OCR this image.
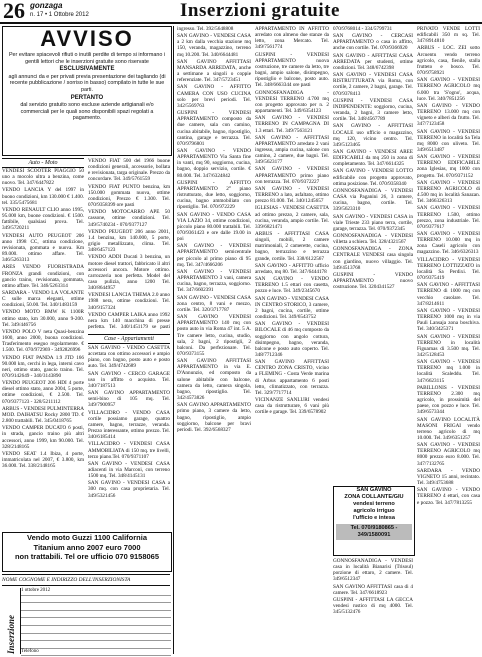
26 gonzaga
n. 17 • 1 Ottobre 2012	Inserzioni gratuite
AVVISO

Per evitare spiacevoli rifiuti o inutili perdite di tempo si informano i gentili lettori che le inserzioni gratuite sono riservate

ESCLUSIVAMENTE

agli annunci da e per privati previa presentazione dei tagliando (di recente pubblicazione / sorriso in basso) compilato in tutte le sue parti.

PERTANTO

dal servizio gratuito sono escluse aziende artigianali e/o commerciali per le quali sono disponibili spazi regolati a pagamento.

Auto - Moto

VENDESI SCOOTER PIAGGIO 50 uno a mocolo ultra a benzina, come nuovo. Tel. 347/6447822

VENDO LANCIA Y del 1997 in buono condizioni, km 130.000 € 1.400. tel. 335/5475681

VENDO RENAULT CLIO anno 1995, 95.000 km, buone condizioni. € 1500. fattibile, qualsiasi prova. Tel. 349/5720211

VENDESI AUTO PEUGEOT 206 anno 1998 CC, ottima condizione, revisionata, gommata e nuova. Km 89.000. ottimo affare. Tel. 346/5263313

ARES VENDO FUORISTRADA FRONZA grandi condizioni, con gancio traino, revisionata, gommata, ottimo affare. Tel. 346/5263314

SARDARA - VENDO LA VOLANTE C sulle marca eleganti, ottime condizioni, 50.00. Tel. 340/1483159

VENDO MOTO BMW K 1100R ottimo stato, km 30.000, anno 9-200. Tel. 349/446756

VENDO POLO V neta Quasi-benzina 1600, anno 2000, buona condizioni. Trasferimento eseguo regolarmente. € 1.500. Tel. 070/972969 - 3492826996

VENDO FIAT PANDA 1.9 JTD 166 90.000 km, cerchi in lega, interni cavo neri, ottimo stato, gancio traino. Tel. 070/9142649 - 340/3143890

VENDO PEUGEOT 206 HDI 4 porte diesel ottimo stato, anno 2004, 5 porte, ottime condizioni, € 2.500. Tel. 070/9377123 - 328/5211112

ARBUS - VENDESI PULMINTERRA MOD. DAIHATSU Rocky 2800 TD. € 2.800 trattabili. Tel. 345/0418765

VENDO CAMPER DUCATO 6 posti, in strada, gancio traino più altri accessori, anno 1999, km 90.000. Tel. 328/2148165

VENDO SEAT 1.4 Ibiza, 4 porte, immatricolata nel 2007, € 3.800, km 36.000. Tel. 338/2148165

VENDO FIAT 500 del 1966 buone condizioni generali, accessorie, bollata e revisionata, targa originale. Prezzo da concordare. Tel. 349/5761559

VENDO FIAT PUNTO benzina, km 150.000 gommata nuova, ottime condizioni, Prezzo € 1.300. Tel. 070/9358399 ore pasti

VENDO MOTOCARRO APE 50 cassone, ottime condizioni. Tel. 349/5740234 - 070/9377127

VENDO PEUGEOT 206 anno 2001, 1.4 benzina, km 140.000, 5 porte, grigio metallizzato, clima. Tel. 348/6457123

VENDO ADDI Ducati 3 benzina, un motore diesel trattori, fabbricato il altri accessori ancora. Motore ottimo. carrozzeria non perfetta. Model del caso pulizia, anno 1200 Tel. 340/8644957

VENDESI LANCIA THEMA 2.0 anno 1988 nera, ottime condizioni. Tel. 340/9157324

VENDO CAMPER LAIKA anno 1992 nera km 140 macchina di presse perfetta. Tel. 340/1451179 se pasti

Case - Appartamenti

SAN GAVINO - VENDO CASETTA accettata con ottimo accessori e ampio piano, con bagno, posto auto e posto auto. Tel. 349/4742689

SAN GAVINO - CERCO GARAGE uso in affitto o acquisto. Tel. 340/7187513

SAN GAVINO APPARTAMENTO semi-bino di 105 mq. Tel. 349/7900957

VILLACIDRO - VENDO CASA cortile possiamo garage, quattro camere, bagno, terrazze, veranda. Prezzo interessante, ottimo prezzo. Tel. 340/6185414

VILLACIDRO - VENDESI CASA AMMOBILIATA di 150 mq. tre livelli, terzo piano.Tel. 070/9371107

SAN GAVINO - VENDESI CASA adiacenti in via Marconi, con terreno 1500 mq. Tel. 348/4145131

SAN GAVINO - VENDESI CASA a 300 mq. con casa proprietaria. Tel. 349/5321456

ingresso. Tel. 392/5648808

SAN GAVINO - VENDESI CASA a 2 km dalla vecchia stazione mq 150, veranda, magazzino, terreno mq 10.200. Tel. 340/6644481

SAN GAVINO AFFITTASI MANSARDA ARREDATA, anche a settimane a singoli o coppie referenziate. Tel. 347/5723451

SAN GAVINO - AFFITTO CAMERA CON USO CUCINA solo per brevi periodi. Tel. 342/5569763

GUSPINI - VENDESI APPARTAMENTO composto da due camere, sala con camino, cucina abitabile, bagno, ripostiglio, cantina, garage e terrazza. Tel. 070/9796801

SAN GAVINO - VENDO APPARTAMENTO Via Santa fine in vanti, mq 90, soggiorno, cucina, bagno, doppio servizio, cortile. € 80.000. Tel. 347/6324842

GUSPINI - AFFITTO APPARTAMENTO 2° piano ristrutturato, due letto, soggiorno, cucina, bagno ammobiliato con ripostiglio. Tel. 070/972229

SAN GAVINO - VENDO CASA VIA LAZIO 34, ottime condizioni, piccolo piano 80.000 trattabili. Tel. 070/9361423 e ore dalle 19.00 in poi

SAN GAVINO - VENDESI APPARTAMENTO semicentrale per piccolo al primo piano di 95 mq. Tel. 347/4666206

SAN GAVINO - VENDESI APPARTAMENTO 3 vani, camera cucina, bagno, terrazza, soggiorno. Tel. 347/6602391

SAN GAVINO - VENDESI CASA zona centro, 8 vani e mezzo, cortile. Tel. 320/3717787

SAN GAVINO VENDESI APPARTAMENTO 140 mq con posto auto in via Roma 47 int. 5 A. Tre camere letto, cucina, studio, sala, 2 bagni, 2 ripostigli, 2 balconi. Da perfezionare. Tel. 070/9373155

SAN GAVINO AFFITTASI APPARTAMENTO in via E. D'Annunzio, ed composto da salone abitabile con balcone, camera da letto, camera singola, bagno, ripostiglio. Tel. 342/4573826

SAN GAVINO APPARTAMENTO primo piano, 3 camere da letto, bagno, ripostiglio, ampio soggiorno, balcone per bravi periodi. Tel. 392/6568327

APPARTAMENTO IN AFFITTO arredato con almeno due stanze da letto, zona Mercato. Tel. 349/7561774

GUSPINI - VENDESI APPARTAMENTO nuova costruzione, tre camere da letto, tre bagni, ampio salone, disimpegno, ripostiglio e balcone, posto auto. Tel. 348/6663344 ore pasti

GONNOSFANADIGA - VENDESI TERRENO 4.700 mq con progetto approvato per n. 2 appartamenti. Tel. 349/6354123

SAN GAVINO - VENDESI TERRENO IN CAMPAGNA DI 1.3 ettari. Tel. 349/7563121

SAN GAVINO - AFFITTASI APPARTAMENTO arredato 2 vani ingresso, ampia cucina, salone con camino, 2 camere, due bagni. Tel. 349/5623177

SAN GAVINO - VENDESI APPARTAMENTO primo piano con terrazza. Tel. 070/9372227

SAN GAVINO - VENDESI TERRENO a lato, asfaltato, ottimo prezzo 81.000. Tel. 340/1245657

IGLESIAS - VENDESI CASETTA ad ottimo prezzo, 2 camere, sala, cucina, veranda, ampio cortile. Tel. 339/6821471

ARBUS - AFFITTASI CASA singoli, mobili, 2 camere matrimoniali, 2 camerette, cucina, bagno, terrazzino e terrazza grande, cortile. Tel. 338/6122567

SAN GAVINO - AFFITTO ufficio arredato, mq 80. Tel. 347/6444178

SAN GAVINO - VENDO TERRENO 1.5 ettari con casetta, pozzo e luce. Tel. 349/2345670

SAN GAVINO - VENDESI CASA IN CENTRO STORICO, 3 camere, 2 bagni, cucina, cortile, ottime condizioni. Tel. 349/6543752

SAN GAVINO - VENDESI BILOCALE di 46 mq composto da soggiorno con angolo cottura, disimpegno, bagno, veranda, balcone e posto auto coperto. Tel. 348/7712346

SAN GAVINO AFFITTASI CENTRO ZONA CRISTO, vicino a FLEMING - Costa Verde marina di Arbus appartamento 6 posti letto, climatizzato, con terrazza. Tel. 329/7717714

VICINANZE SANLURI vendesi casa da ristrutturare, 6 vani più cortile e garage. Tel. 339/6578902

070/9768014 - 334/5799731

SAN GAVINO - CERCASI APPARTAMENTO o casa in affitto, anche con cortile. Tel. 070/9366920

SAN GAVINO - AFFITTASI CASA ARREDATA per studenti, ottime condizioni. Tel. 348/6742398

SAN GAVINO - VENDESI CASA RISTRUTTURATA via Roma, con cortile, 2 camere, 2 bagni, garage. Tel. 070/9378413

GUSPINI - VENDESI CASA INDIPENDENTE: soggiorno, cucina, veranda, 2 bagni, 3 camere letto, cortile. Tel. 348/4567789

SAN GAVINO - AFFITTASI LOCALE uso ufficio o magazzino, mq 120, vicino centro. Tel. 349/5123465

SAN GAVINO - VENDESI AREE EDIFICABILI da mq 250 in zona di completamento. Tel. 347/6614325

SAN GAVINO - VENDESI LOTTO edificabile con progetto approvato, ottima posizione. Tel. 070/9358340

GONNOSFANADIGA - VENDESI CASA via Paganini 26, 3 camere, cucina, bagno, cortile. Tel. 339/5623310

SAN GAVINO - VENDESI CASA in viale Trieste 233 piano terra, cortile, garage, terrazza. Tel. 070/9372345

GONNOSFANADIGA - VENDESI villetta a schiera. Tel. 328/4321567

GONNOSFANADIGA - ZONA CENTRALE VENDESI casa singola con giardino, nuovo villaggio. Tel. 349/4513768

GUSPINI - VENDO APPARTAMENTO nuovo costruzione. Tel. 3204341527

SAN GAVINO
ZONA COLLANTE/GIU
vendesi terreno
agricolo irriguo
l'ufficio e intesa
Tel. 070/9180865 - 349/1580091

GONNOSFANADIGA - VENDESI casa in località Bianarisi (Trisoul) porzione di ettaro, 2 camere. Tel. 349/6512347

SAN GAVINO AFFITTASI casa di 4 camere. Tel. 347/6618923

GUSPINI - AFFITTASI LA GECCA vendesi rustico di mq 4000. Tel. 345/5132476

PRIVATO VENDE LOTTI edificabili 350 m sq. Tel. 347/8914810

ARBUS - LOC. ZEI sotto Arcuentu vendo terreno agricolo, casa, fienile, stalla frutteto e bosco. Tel. 070/9758921

SAN GAVINO - VENDESI TERRENO AGRICOLO mq 6.000 tra 'S'ogno', acqua, luce. Tel. 340/7851256

SAN GAVINO - VENDO TERRENO 13.000 mq con vigneto e alberi da frutto. Tel. 347/7123458

SAN GAVINO - VENDESI TERRENO in località Sa Tela mq 8000 con uliveto. Tel. 349/6513487

SAN GAVINO - VENDESI TERRENO EDIFICABILE zona Iglesias, mq 1000 con progetto. Tel. 070/9371152

SAN GAVINO - VENDESI TERRENO AGRICOLO di 4.500 mq in località Sanazan. Tel. 3466326313

SAN GAVINO - VENDESI TERRENO 1.500, ottimo prezzo, zona industriale. Tel. 070/9377617

SAN GAVINO - VENDESI TERRENO 10.000 mq in zona Caseli agricolo con magazzino. Tel. 346/6326313

VILLACIDRO - VENDESI TERRENO LOTTIZZATO in località Sa Perdixi. Tel. 070/9375419

SAN GAVINO - AFFITTASI TERRENO di 1000 mq con vecchio casolare. Tel. 347/8214611

SAN GAVINO - VENDESI TERRENO 1000 mq in via Pauli Lansaja zona boschiva. Tel. 340/3425371

SAN GAVINO - VENDESI TERRENO in località Figuarnas di 3.500 mq. Tel. 342/5128453

SAN GAVINO - VENDESI TERRENO mq 1.000 in località Scaleddu. Tel. 347/6623115

PABILLONIS - VENDESI TERRENO 2.300 mq agricolo, in prossimità del paese, con pozzo e luce. Tel. 349/6573344

SAN GAVINO LOCALITÀ MASONI FRIGAI vendo terreno agricolo di mq 10.000. Tel. 349/6351257

SAN GAVINO - VENDESI TERRENO AGRICOLO mq 8000 prezzo euro 8.000. Tel. 347/7132765

SARDARA - VENDO VIGNETO 15 anni, recintato. Tel. 349/4753688

SAN GAVINO - VENDO TERRENO 4 ettari, con casa e pozzo. Tel. 347/7813255

Vendo moto Guzzi 1100 California
Titanium anno 2007 euro 7000
non trattabili. Tel ore ufficio 070 9158065
NOME COGNOME E INDIRIZZO DELL'INSERZIONISTA
Inserzione
1 ottobre 2012
Telefono
